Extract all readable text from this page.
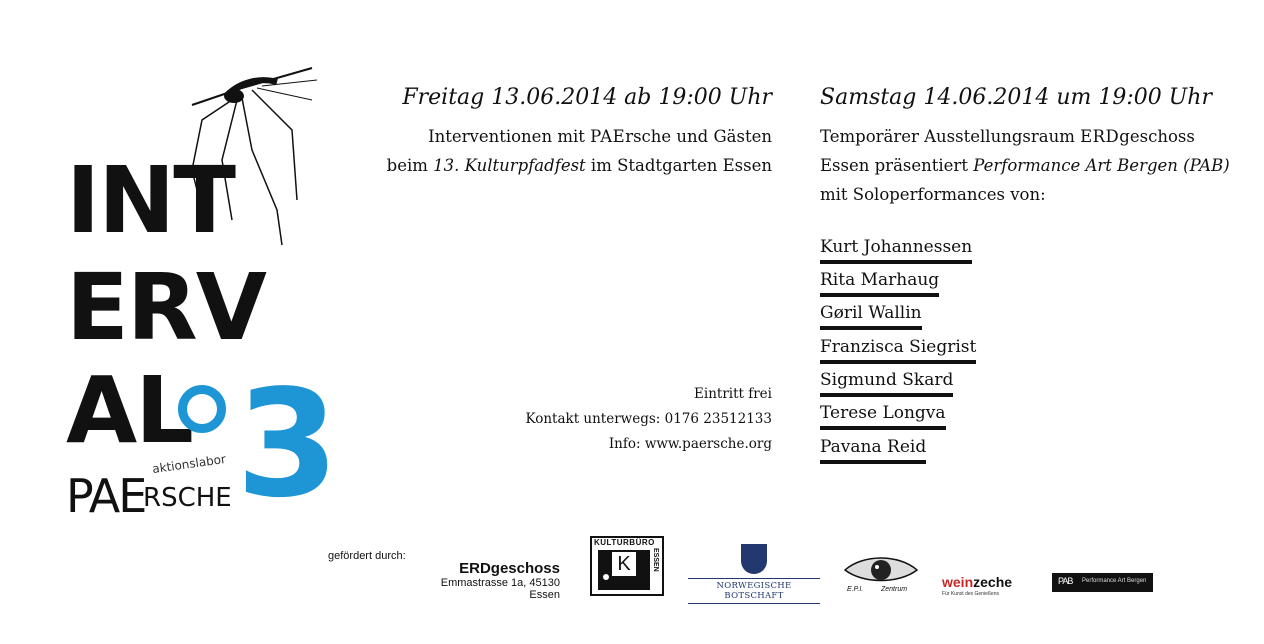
INT
ERV
AL 3
aktionslabor
PAE
RSCHE
Freitag 13.06.2014 ab 19:00 Uhr
Interventionen mit PAErsche und Gästen
beim 13. Kulturpfadfest im Stadtgarten Essen
Eintritt frei
Kontakt unterwegs: 0176 23512133
Info: www.paersche.org
Samstag 14.06.2014 um 19:00 Uhr
Temporärer Ausstellungsraum ERDgeschoss
Essen präsentiert Performance Art Bergen (PAB)
mit Soloperformances von:
Kurt Johannessen
Rita Marhaug
Gøril Wallin
Franzisca Siegrist
Sigmund Skard
Terese Longva
Pavana Reid
gefördert durch:
ERDgeschoss
Emmastrasse 1a, 45130 Essen
KULTURBÜRO
K	ESSEN
NORWEGISCHE BOTSCHAFT
E.P.I.	Zentrum weinzeche
Für Kunst des Genießens
PAB Performance Art Bergen
